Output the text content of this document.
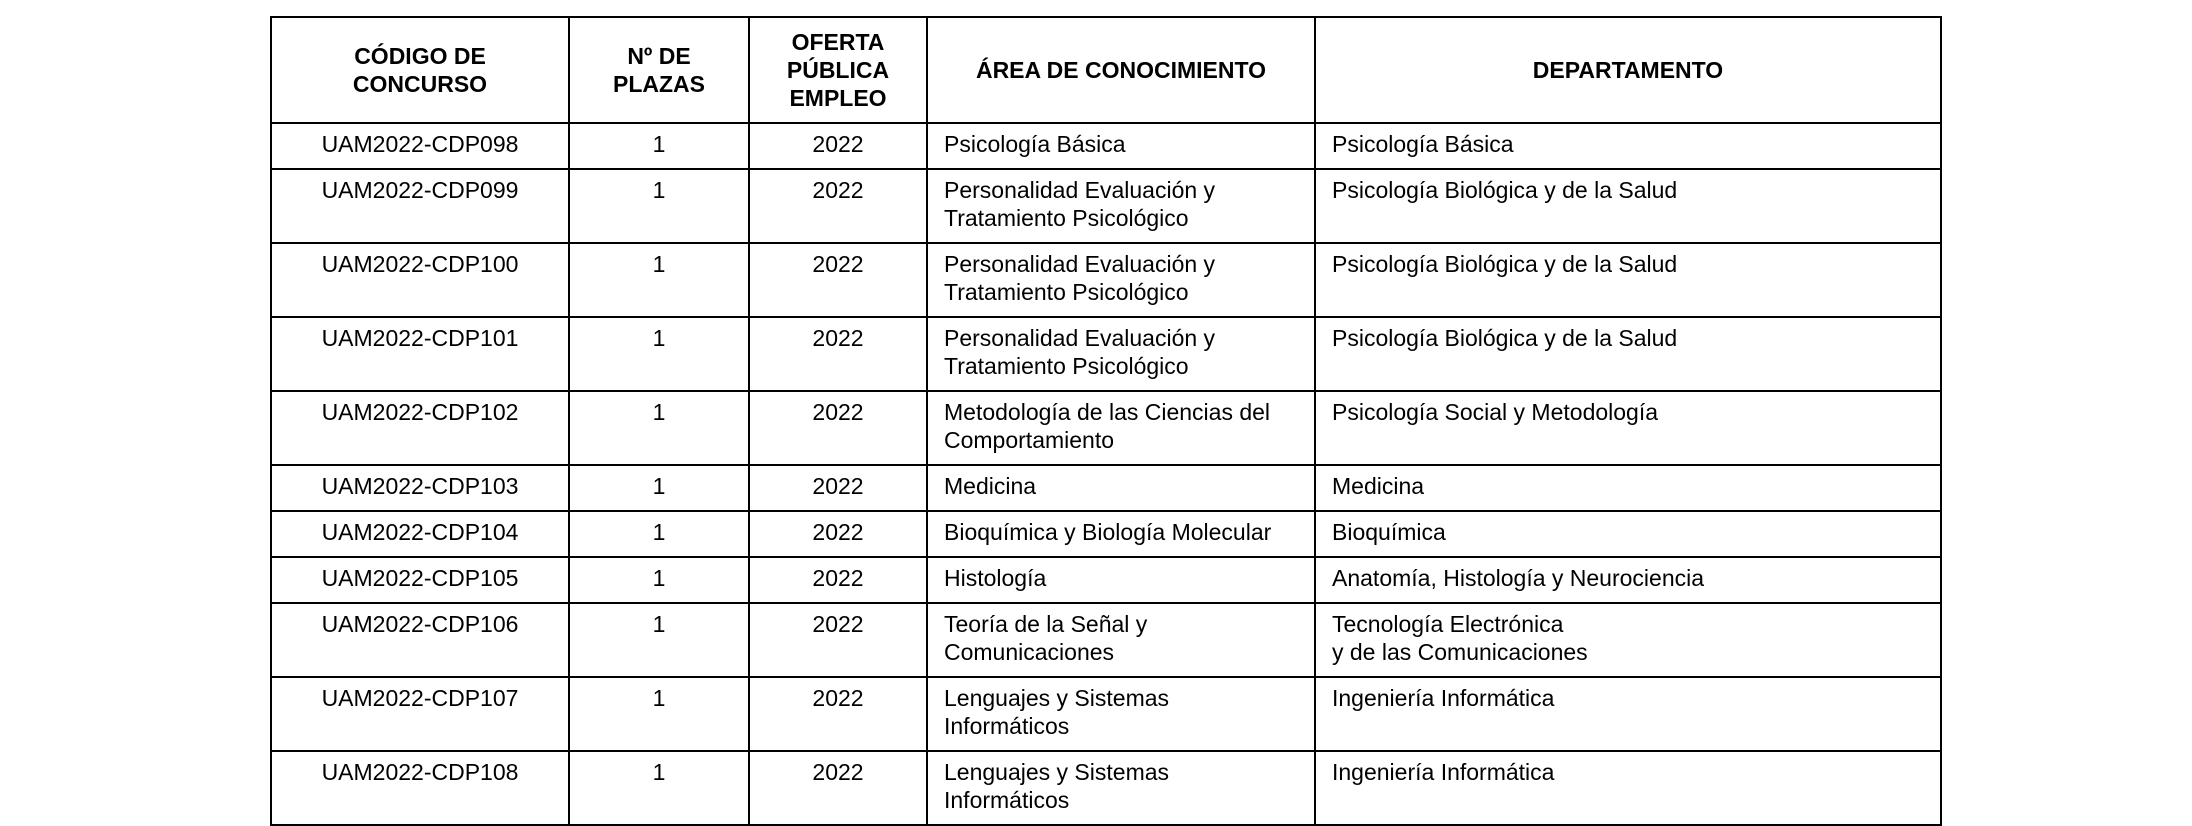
CÓDIGO DE
CONCURSO	Nº DE
PLAZAS	OFERTA
PÚBLICA
EMPLEO	ÁREA DE CONOCIMIENTO	DEPARTAMENTO
UAM2022-CDP098	1	2022	Psicología Básica	Psicología Básica
UAM2022-CDP099	1	2022	Personalidad Evaluación y
Tratamiento Psicológico	Psicología Biológica y de la Salud
UAM2022-CDP100	1	2022	Personalidad Evaluación y
Tratamiento Psicológico	Psicología Biológica y de la Salud
UAM2022-CDP101	1	2022	Personalidad Evaluación y
Tratamiento Psicológico	Psicología Biológica y de la Salud
UAM2022-CDP102	1	2022	Metodología de las Ciencias del
Comportamiento	Psicología Social y Metodología
UAM2022-CDP103	1	2022	Medicina	Medicina
UAM2022-CDP104	1	2022	Bioquímica y Biología Molecular	Bioquímica
UAM2022-CDP105	1	2022	Histología	Anatomía, Histología y Neurociencia
UAM2022-CDP106	1	2022	Teoría de la Señal y
Comunicaciones	Tecnología Electrónica
y de las Comunicaciones
UAM2022-CDP107	1	2022	Lenguajes y Sistemas
Informáticos	Ingeniería Informática
UAM2022-CDP108	1	2022	Lenguajes y Sistemas
Informáticos	Ingeniería Informática
